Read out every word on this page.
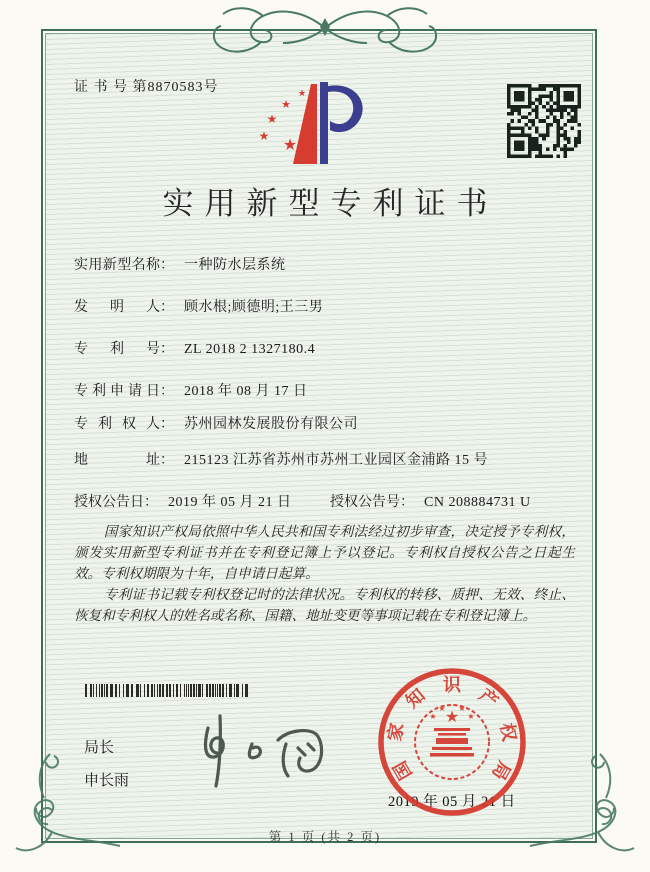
证 书 号 第8870583号	★
★
★
★ ★
实用新型专利证书
实用新型名称： 一种防水层系统
发明人： 顾水根;顾德明;王三男
专利号： ZL 2018 2 1327180.4
专利申请日： 2018 年 08 月 17 日
专利权人： 苏州园林发展股份有限公司
地址： 215123 江苏省苏州市苏州工业园区金浦路 15 号
授权公告日： 2019 年 05 月 21 日	授权公告号： CN 208884731 U

国家知识产权局依照中华人民共和国专利法经过初步审查，决定授予专利权，颁发实用新型专利证书并在专利登记簿上予以登记。专利权自授权公告之日起生效。专利权期限为十年，自申请日起算。

专利证书记载专利权登记时的法律状况。专利权的转移、质押、无效、终止、恢复和专利权人的姓名或名称、国籍、地址变更等事项记载在专利登记簿上。

局长
申长雨
2019 年 05 月 21 日
国
家
知 识 产
权
局
★
★
★ ★
★
第 1 页 (共 2 页)
